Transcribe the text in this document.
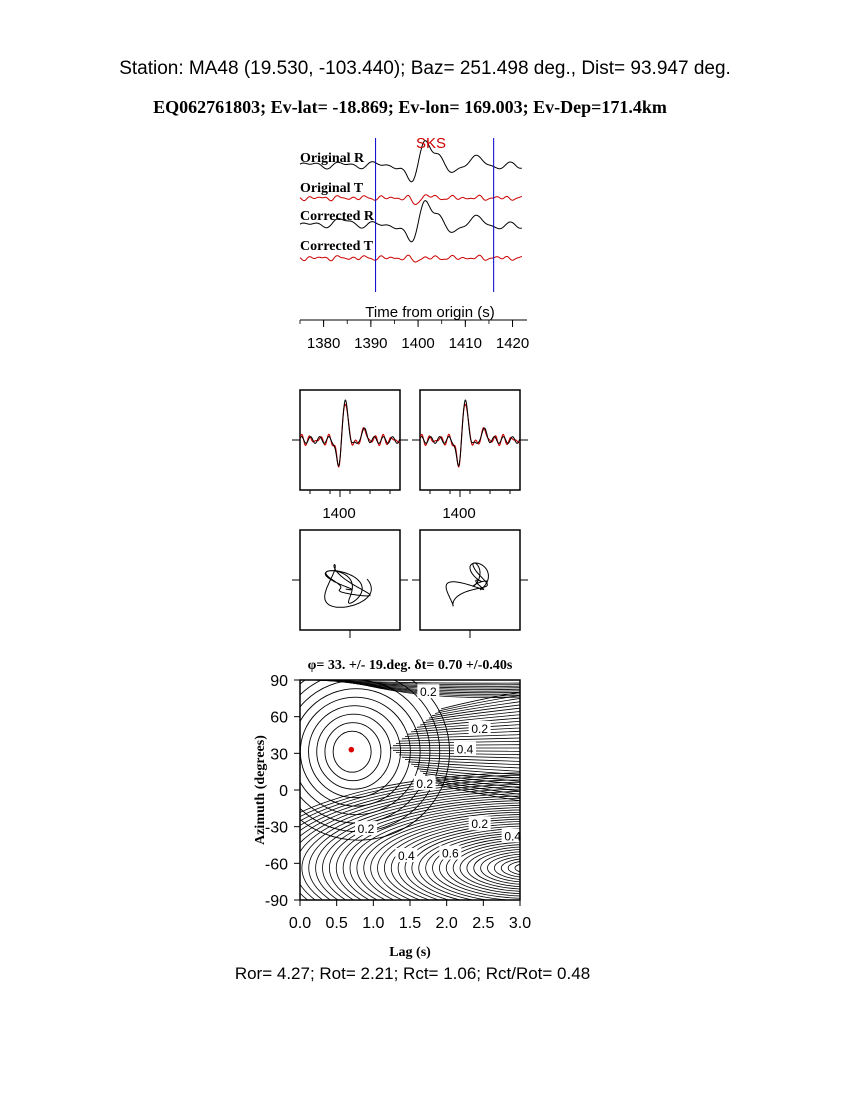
Station: MA48 (19.530, -103.440); Baz= 251.498 deg., Dist= 93.947 deg.
EQ062761803; Ev-lat= -18.869; Ev-lon= 169.003; Ev-Dep=171.4km
SKS
Original R
Original T
Corrected R
Corrected T
1380 1390 1400 1410 1420
Time from origin (s)
1400	1400
φ= 33. +/- 19.deg. δt= 0.70 +/-0.40s
0.2
0.2
0.4
0.2
0.2	0.2
0.4
0.4 0.6
0.0 0.5 1.0 1.5 2.0 2.5 3.0
90
60
30
0
-30
-60
-90
Lag (s)
Azimuth (degrees)
Ror= 4.27; Rot= 2.21; Rct= 1.06; Rct/Rot= 0.48
